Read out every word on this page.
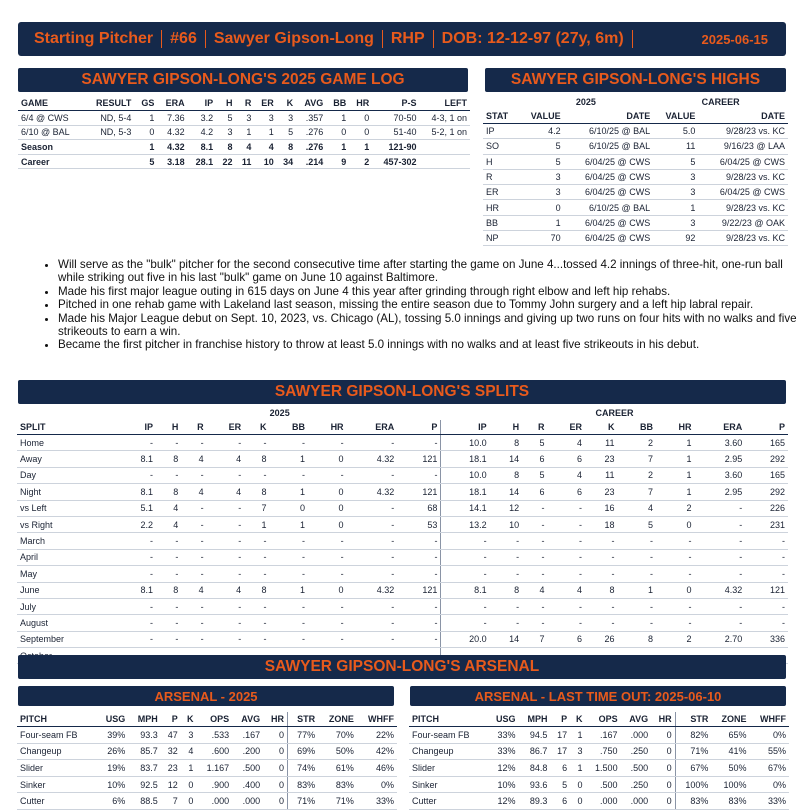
Starting Pitcher	#66	Sawyer Gipson-Long	RHP	DOB: 12-12-97 (27y, 6m)	2025-06-15
SAWYER GIPSON-LONG'S 2025 GAME LOG
GAME	RESULT	GS	ERA	IP	H	R	ER	K	AVG	BB	HR	P-S	LEFT
6/4 @ CWS	ND, 5-4	1	7.36	3.2	5	3	3	3	.357	1	0	70-50	4-3, 1 on
6/10 @ BAL	ND, 5-3	0	4.32	4.2	3	1	1	5	.276	0	0	51-40	5-2, 1 on
Season		1	4.32	8.1	8	4	4	8	.276	1	1	121-90	
Career		5	3.18	28.1	22	11	10	34	.214	9	2	457-302	
SAWYER GIPSON-LONG'S HIGHS
	2025		CAREER	
STAT	VALUE	DATE	VALUE	DATE
IP	4.2	6/10/25 @ BAL	5.0	9/28/23 vs. KC
SO	5	6/10/25 @ BAL	11	9/16/23 @ LAA
H	5	6/04/25 @ CWS	5	6/04/25 @ CWS
R	3	6/04/25 @ CWS	3	9/28/23 vs. KC
ER	3	6/04/25 @ CWS	3	6/04/25 @ CWS
HR	0	6/10/25 @ BAL	1	9/28/23 vs. KC
BB	1	6/04/25 @ CWS	3	9/22/23 @ OAK
NP	70	6/04/25 @ CWS	92	9/28/23 vs. KC
• Will serve as the "bulk" pitcher for the second consecutive time after starting the game on June 4...tossed 4.2 innings of three-hit, one-run ball while striking out five in his last "bulk" game on June 10 against Baltimore.
• Made his first major league outing in 615 days on June 4 this year after grinding through right elbow and left hip rehabs.
• Pitched in one rehab game with Lakeland last season, missing the entire season due to Tommy John surgery and a left hip labral repair.
• Made his Major League debut on Sept. 10, 2023, vs. Chicago (AL), tossing 5.0 innings and giving up two runs on four hits with no walks and five strikeouts to earn a win.
• Became the first pitcher in franchise history to throw at least 5.0 innings with no walks and at least five strikeouts in his debut.
SAWYER GIPSON-LONG'S SPLITS
	2025									CAREER								
SPLIT	IP	H	R	ER	K	BB	HR	ERA	P	IP	H	R	ER	K	BB	HR	ERA	P
Home	-	-	-	-	-	-	-	-	-	10.0	8	5	4	11	2	1	3.60	165
Away	8.1	8	4	4	8	1	0	4.32	121	18.1	14	6	6	23	7	1	2.95	292
Day	-	-	-	-	-	-	-	-	-	10.0	8	5	4	11	2	1	3.60	165
Night	8.1	8	4	4	8	1	0	4.32	121	18.1	14	6	6	23	7	1	2.95	292
vs Left	5.1	4	-	-	7	0	0	-	68	14.1	12	-	-	16	4	2	-	226
vs Right	2.2	4	-	-	1	1	0	-	53	13.2	10	-	-	18	5	0	-	231
March	-	-	-	-	-	-	-	-	-	-	-	-	-	-	-	-	-	-
April	-	-	-	-	-	-	-	-	-	-	-	-	-	-	-	-	-	-
May	-	-	-	-	-	-	-	-	-	-	-	-	-	-	-	-	-	-
June	8.1	8	4	4	8	1	0	4.32	121	8.1	8	4	4	8	1	0	4.32	121
July	-	-	-	-	-	-	-	-	-	-	-	-	-	-	-	-	-	-
August	-	-	-	-	-	-	-	-	-	-	-	-	-	-	-	-	-	-
September	-	-	-	-	-	-	-	-	-	20.0	14	7	6	26	8	2	2.70	336

SAWYER GIPSON-LONG'S ARSENAL
ARSENAL - 2025	ARSENAL - LAST TIME OUT: 2025-06-10
PITCH	USG	MPH	P	K	OPS	AVG	HR	STR	ZONE	WHFF
Four-seam FB	39%	93.3	47	3	.533	.167	0	77%	70%	22%
Changeup	26%	85.7	32	4	.600	.200	0	69%	50%	42%
Slider	19%	83.7	23	1	1.167	.500	0	74%	61%	46%
Sinker	10%	92.5	12	0	.900	.400	0	83%	83%	0%
Cutter	6%	88.5	7	0	.000	.000	0	71%	71%	33%
PITCH	USG	MPH	P	K	OPS	AVG	HR	STR	ZONE	WHFF
Four-seam FB	33%	94.5	17	1	.167	.000	0	82%	65%	0%
Changeup	33%	86.7	17	3	.750	.250	0	71%	41%	55%
Slider	12%	84.8	6	1	1.500	.500	0	67%	50%	67%
Sinker	10%	93.6	5	0	.500	.250	0	100%	100%	0%
Cutter	12%	89.3	6	0	.000	.000	0	83%	83%	33%
